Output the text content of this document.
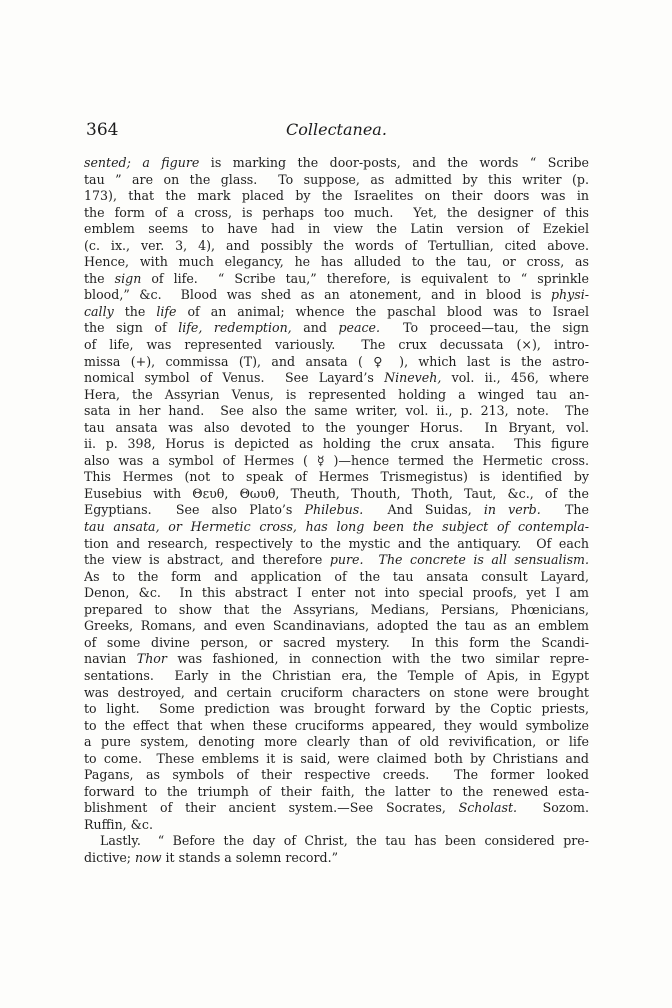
364	Collectanea.
sented; a figure is marking the door-posts, and the words “ Scribe
tau ” are on the glass.  To suppose, as admitted by this writer (p.
173), that the mark placed by the Israelites on their doors was in
the form of a cross, is perhaps too much.  Yet, the designer of this
emblem seems to have had in view the Latin version of Ezekiel
(c. ix., ver. 3, 4), and possibly the words of Tertullian, cited above.
Hence, with much elegancy, he has alluded to the tau, or cross, as
the sign of life.  “ Scribe tau,” therefore, is equivalent to “ sprinkle
blood,” &c.  Blood was shed as an atonement, and in blood is physi-
cally the life of an animal; whence the paschal blood was to Israel
the sign of life, redemption, and peace.  To proceed—tau, the sign
of life, was represented variously.  The crux decussata (×), intro-
missa (+), commissa (T), and ansata ( ♀ ), which last is the astro-
nomical symbol of Venus.  See Layard’s Nineveh, vol. ii., 456, where
Hera, the Assyrian Venus, is represented holding a winged tau an-
sata in her hand.  See also the same writer, vol. ii., p. 213, note.  The
tau ansata was also devoted to the younger Horus.  In Bryant, vol.
ii. p. 398, Horus is depicted as holding the crux ansata.  This figure
also was a symbol of Hermes ( ☿ )—hence termed the Hermetic cross.
This Hermes (not to speak of Hermes Trismegistus) is identified by
Eusebius with Θευθ, Θωυθ, Theuth, Thouth, Thoth, Taut, &c., of the
Egyptians.  See also Plato’s Philebus.  And Suidas, in verb.  The
tau ansata, or Hermetic cross, has long been the subject of contempla-
tion and research, respectively to the mystic and the antiquary.  Of each
the view is abstract, and therefore pure. The concrete is all sensualism.
As to the form and application of the tau ansata consult Layard,
Denon, &c.  In this abstract I enter not into special proofs, yet I am
prepared to show that the Assyrians, Medians, Persians, Phœnicians,
Greeks, Romans, and even Scandinavians, adopted the tau as an emblem
of some divine person, or sacred mystery.  In this form the Scandi-
navian Thor was fashioned, in connection with the two similar repre-
sentations.  Early in the Christian era, the Temple of Apis, in Egypt
was destroyed, and certain cruciform characters on stone were brought
to light.  Some prediction was brought forward by the Coptic priests,
to the effect that when these cruciforms appeared, they would symbolize
a pure system, denoting more clearly than of old revivification, or life
to come.  These emblems it is said, were claimed both by Christians and
Pagans, as symbols of their respective creeds.  The former looked
forward to the triumph of their faith, the latter to the renewed esta-
blishment of their ancient system.—See Socrates, Scholast.  Sozom.
Ruffin, &c.
Lastly.  “ Before the day of Christ, the tau has been considered pre-
dictive; now it stands a solemn record.”
